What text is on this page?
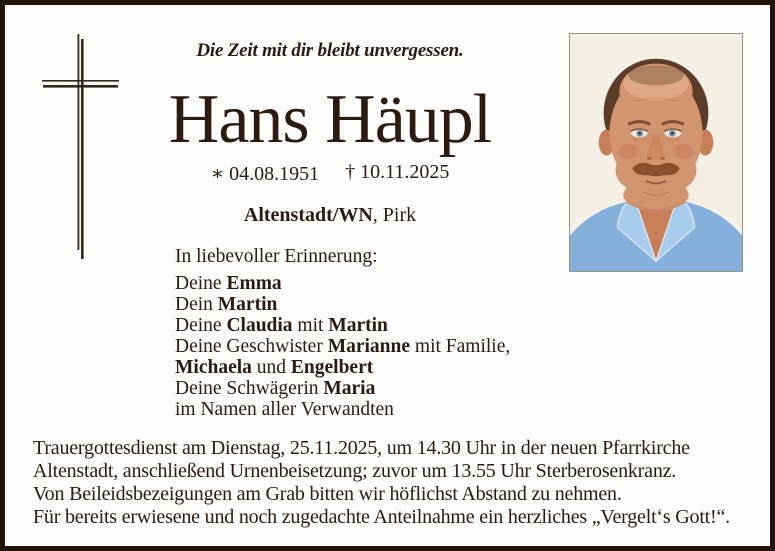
Die Zeit mit dir bleibt unvergessen.
Hans Häupl
∗ 04.08.1951 † 10.11.2025
Altenstadt/WN, Pirk
In liebevoller Erinnerung:
Deine Emma
Dein Martin
Deine Claudia mit Martin
Deine Geschwister Marianne mit Familie,
Michaela und Engelbert
Deine Schwägerin Maria
im Namen aller Verwandten
Trauergottesdienst am Dienstag, 25.11.2025, um 14.30 Uhr in der neuen Pfarrkirche
Altenstadt, anschließend Urnenbeisetzung; zuvor um 13.55 Uhr Sterberosenkranz.
Von Beileidsbezeigungen am Grab bitten wir höflichst Abstand zu nehmen.
Für bereits erwiesene und noch zugedachte Anteilnahme ein herzliches „Vergelt‘s Gott!“.
